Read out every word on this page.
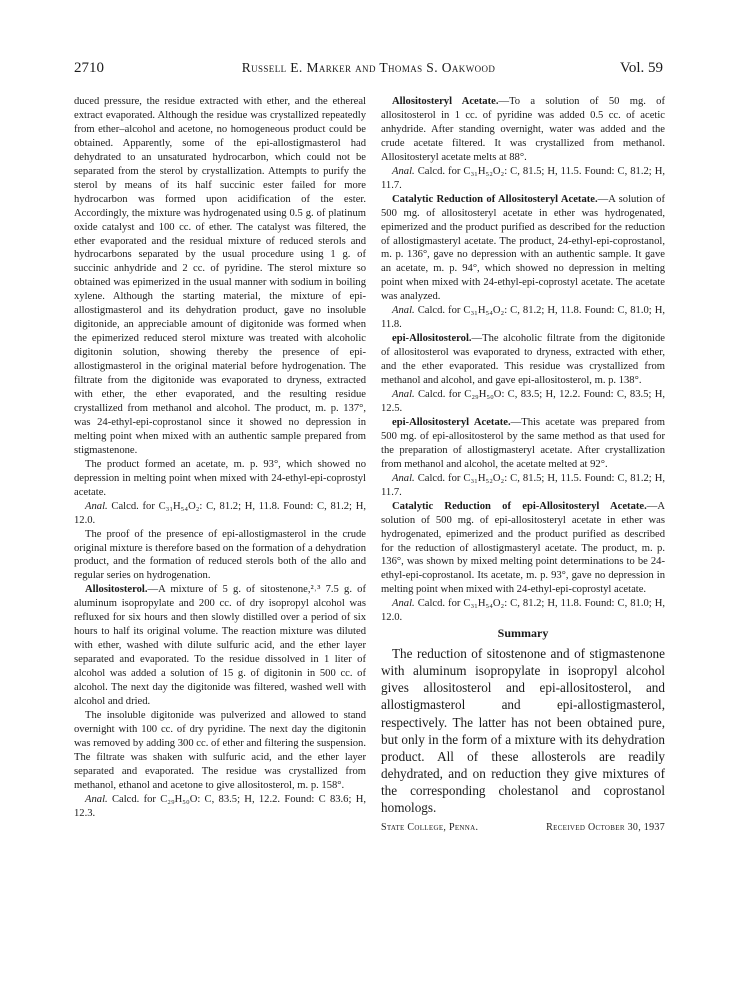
2710	Russell E. Marker and Thomas S. Oakwood	Vol. 59

duced pressure, the residue extracted with ether, and the ethereal extract evaporated. Although the residue was crystallized repeatedly from ether–alcohol and acetone, no homogeneous product could be obtained. Apparently, some of the epi-allostigmasterol had dehydrated to an unsaturated hydrocarbon, which could not be separated from the sterol by crystallization. Attempts to purify the sterol by means of its half succinic ester failed for more hydrocarbon was formed upon acidification of the ester. Accordingly, the mixture was hydrogenated using 0.5 g. of platinum oxide catalyst and 100 cc. of ether. The catalyst was filtered, the ether evaporated and the residual mixture of reduced sterols and hydrocarbons separated by the usual procedure using 1 g. of succinic anhydride and 2 cc. of pyridine. The sterol mixture so obtained was epimerized in the usual manner with sodium in boiling xylene. Although the starting material, the mixture of epi-allostigmasterol and its dehydration product, gave no insoluble digitonide, an appreciable amount of digitonide was formed when the epimerized reduced sterol mixture was treated with alcoholic digitonin solution, showing thereby the presence of epi-allostigmasterol in the original material before hydrogenation. The filtrate from the digitonide was evaporated to dryness, extracted with ether, the ether evaporated, and the resulting residue crystallized from methanol and alcohol. The product, m. p. 137°, was 24-ethyl-epi-coprostanol since it showed no depression in melting point when mixed with an authentic sample prepared from stigmastenone.

The product formed an acetate, m. p. 93°, which showed no depression in melting point when mixed with 24-ethyl-epi-coprostyl acetate.

Anal. Calcd. for C₃₁H₅₄O₂: C, 81.2; H, 11.8. Found: C, 81.2; H, 12.0.

The proof of the presence of epi-allostigmasterol in the crude original mixture is therefore based on the formation of a dehydration product, and the formation of reduced sterols both of the allo and regular series on hydrogenation.

Allositosterol.—A mixture of 5 g. of sitostenone,²˒³ 7.5 g. of aluminum isopropylate and 200 cc. of dry isopropyl alcohol was refluxed for six hours and then slowly distilled over a period of six hours to half its original volume. The reaction mixture was diluted with ether, washed with dilute sulfuric acid, and the ether layer separated and evaporated. To the residue dissolved in 1 liter of alcohol was added a solution of 15 g. of digitonin in 500 cc. of alcohol. The next day the digitonide was filtered, washed well with alcohol and dried.

The insoluble digitonide was pulverized and allowed to stand overnight with 100 cc. of dry pyridine. The next day the digitonin was removed by adding 300 cc. of ether and filtering the suspension. The filtrate was shaken with sulfuric acid, and the ether layer separated and evaporated. The residue was crystallized from methanol, ethanol and acetone to give allositosterol, m. p. 158°.

Anal. Calcd. for C₂₉H₅₀O: C, 83.5; H, 12.2. Found: C 83.6; H, 12.3.

Allositosteryl Acetate.—To a solution of 50 mg. of allositosterol in 1 cc. of pyridine was added 0.5 cc. of acetic anhydride. After standing overnight, water was added and the crude acetate filtered. It was crystallized from methanol. Allositosteryl acetate melts at 88°.

Anal. Calcd. for C₃₁H₅₂O₂: C, 81.5; H, 11.5. Found: C, 81.2; H, 11.7.

Catalytic Reduction of Allositosteryl Acetate.—A solution of 500 mg. of allositosteryl acetate in ether was hydrogenated, epimerized and the product purified as described for the reduction of allostigmasteryl acetate. The product, 24-ethyl-epi-coprostanol, m. p. 136°, gave no depression with an authentic sample. It gave an acetate, m. p. 94°, which showed no depression in melting point when mixed with 24-ethyl-epi-coprostyl acetate. The acetate was analyzed.

Anal. Calcd. for C₃₁H₅₄O₂: C, 81.2; H, 11.8. Found: C, 81.0; H, 11.8.

epi-Allositosterol.—The alcoholic filtrate from the digitonide of allositosterol was evaporated to dryness, extracted with ether, and the ether evaporated. This residue was crystallized from methanol and alcohol, and gave epi-allositosterol, m. p. 138°.

Anal. Calcd. for C₂₉H₅₀O: C, 83.5; H, 12.2. Found: C, 83.5; H, 12.5.

epi-Allositosteryl Acetate.—This acetate was prepared from 500 mg. of epi-allositosterol by the same method as that used for the preparation of allostigmasteryl acetate. After crystallization from methanol and alcohol, the acetate melted at 92°.

Anal. Calcd. for C₃₁H₅₂O₂: C, 81.5; H, 11.5. Found: C, 81.2; H, 11.7.

Catalytic Reduction of epi-Allositosteryl Acetate.—A solution of 500 mg. of epi-allositosteryl acetate in ether was hydrogenated, epimerized and the product purified as described for the reduction of allostigmasteryl acetate. The product, m. p. 136°, was shown by mixed melting point determinations to be 24-ethyl-epi-coprostanol. Its acetate, m. p. 93°, gave no depression in melting point when mixed with 24-ethyl-epi-coprostyl acetate.

Anal. Calcd. for C₃₁H₅₄O₂: C, 81.2; H, 11.8. Found: C, 81.0; H, 12.0.

Summary

The reduction of sitostenone and of stigmastenone with aluminum isopropylate in isopropyl alcohol gives allositosterol and epi-allositosterol, and allostigmasterol and epi-allostigmasterol, respectively. The latter has not been obtained pure, but only in the form of a mixture with its dehydration product. All of these allosterols are readily dehydrated, and on reduction they give mixtures of the corresponding cholestanol and coprostanol homologs.

State College, Penna.	Received October 30, 1937
